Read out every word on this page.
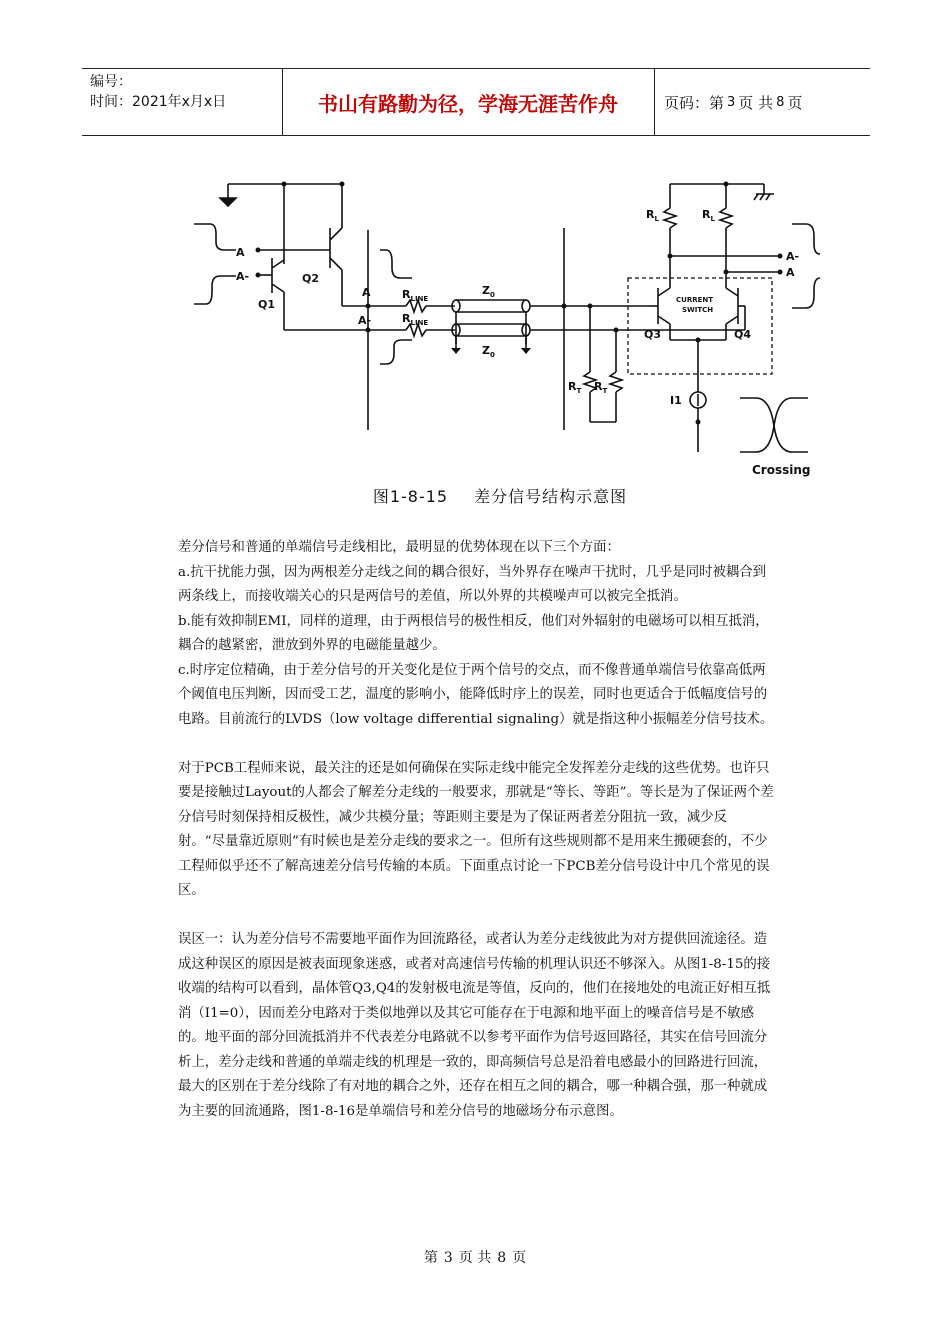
编号：
时间：2021年x月x日	书山有路勤为径，学海无涯苦作舟	页码：第 3 页 共 8 页
A
A-
Q1
Q2
A
A-
$R_{LINE}$
$R_{LINE}$
$Z_0$
$Z_0$
$R_T$ $R_T$
$R_L$	$R_L$
A-
A
CURRENT
SWITCH
Q3	Q4
I1
Crossing
图1-8-15 差分信号结构示意图

差分信号和普通的单端信号走线相比，最明显的优势体现在以下三个方面：

a.抗干扰能力强，因为两根差分走线之间的耦合很好，当外界存在噪声干扰时，几乎是同时被耦合到两条线上，而接收端关心的只是两信号的差值，所以外界的共模噪声可以被完全抵消。

b.能有效抑制EMI，同样的道理，由于两根信号的极性相反，他们对外辐射的电磁场可以相互抵消，耦合的越紧密，泄放到外界的电磁能量越少。

c.时序定位精确，由于差分信号的开关变化是位于两个信号的交点，而不像普通单端信号依靠高低两个阈值电压判断，因而受工艺，温度的影响小，能降低时序上的误差，同时也更适合于低幅度信号的电路。目前流行的LVDS（low voltage differential signaling）就是指这种小振幅差分信号技术。

对于PCB工程师来说，最关注的还是如何确保在实际走线中能完全发挥差分走线的这些优势。也许只要是接触过Layout的人都会了解差分走线的一般要求，那就是“等长、等距”。等长是为了保证两个差分信号时刻保持相反极性，减少共模分量；等距则主要是为了保证两者差分阻抗一致，减少反射。“尽量靠近原则”有时候也是差分走线的要求之一。但所有这些规则都不是用来生搬硬套的，不少工程师似乎还不了解高速差分信号传输的本质。下面重点讨论一下PCB差分信号设计中几个常见的误区。

误区一：认为差分信号不需要地平面作为回流路径，或者认为差分走线彼此为对方提供回流途径。造成这种误区的原因是被表面现象迷惑，或者对高速信号传输的机理认识还不够深入。从图1-8-15的接收端的结构可以看到，晶体管Q3,Q4的发射极电流是等值，反向的，他们在接地处的电流正好相互抵消（I1=0），因而差分电路对于类似地弹以及其它可能存在于电源和地平面上的噪音信号是不敏感的。地平面的部分回流抵消并不代表差分电路就不以参考平面作为信号返回路径，其实在信号回流分析上，差分走线和普通的单端走线的机理是一致的，即高频信号总是沿着电感最小的回路进行回流，最大的区别在于差分线除了有对地的耦合之外，还存在相互之间的耦合，哪一种耦合强，那一种就成为主要的回流通路，图1-8-16是单端信号和差分信号的地磁场分布示意图。

第 3 页 共 8 页
